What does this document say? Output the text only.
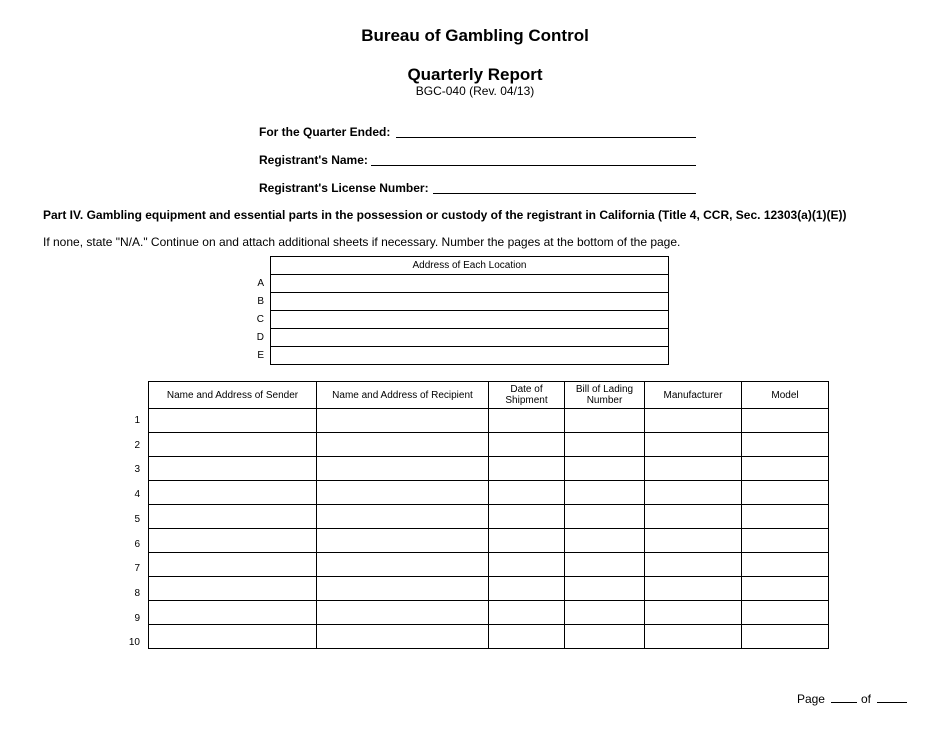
Bureau of Gambling Control
Quarterly Report
BGC-040 (Rev. 04/13)
For the Quarter Ended:
Registrant's Name:
Registrant's License Number:
Part IV. Gambling equipment and essential parts in the possession or custody of the registrant in California (Title 4, CCR, Sec. 12303(a)(1)(E))
If none, state "N/A." Continue on and attach additional sheets if necessary. Number the pages at the bottom of the page.
A
B
C
D
E
Address of Each Location

1
2
3
4
5
6
7
8
9
10
Name and Address of Sender	Name and Address of Recipient	Date of Shipment	Bill of Lading Number	Manufacturer	Model

Page	of
